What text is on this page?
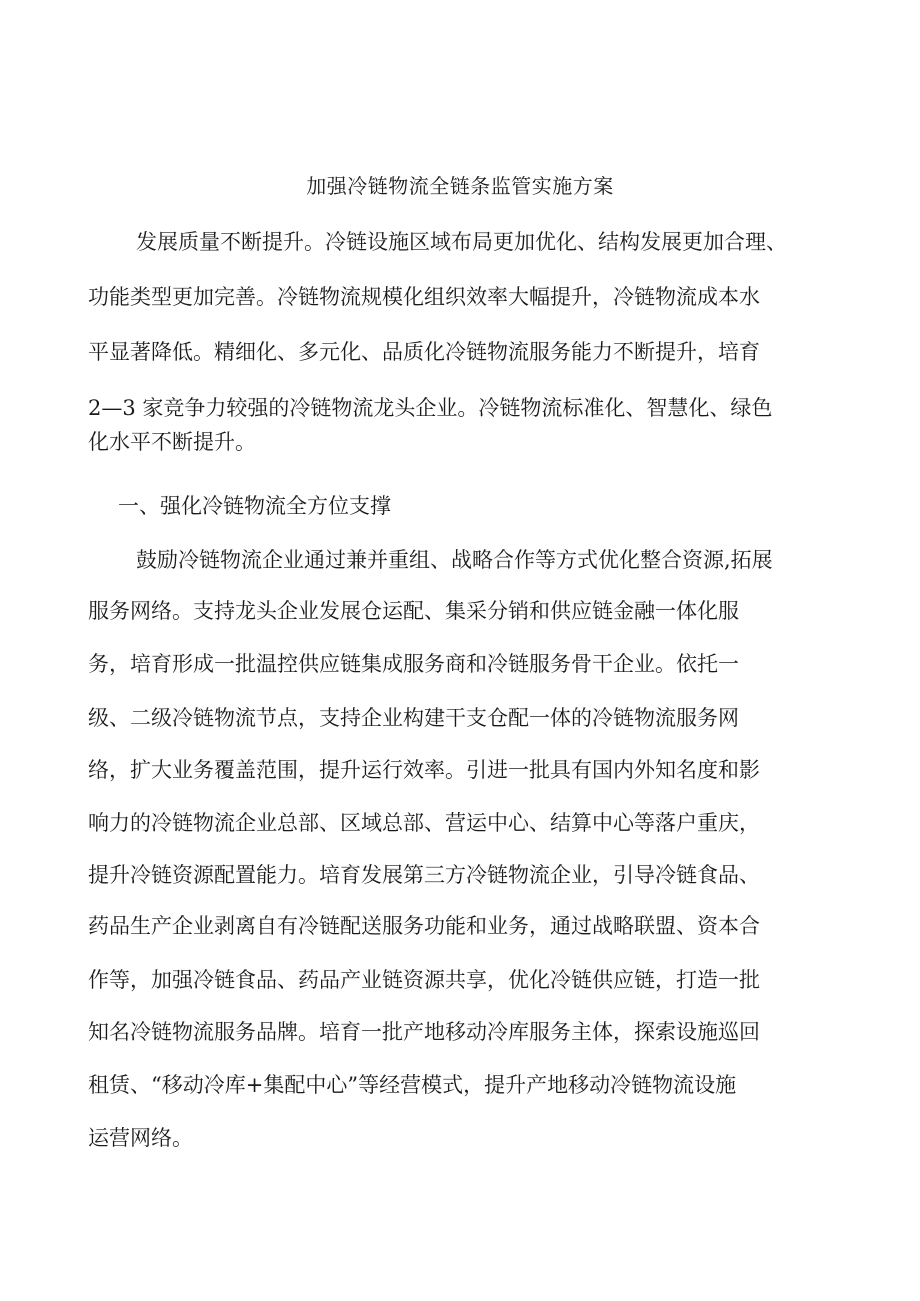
加强冷链物流全链条监管实施方案
发展质量不断提升。冷链设施区域布局更加优化、结构发展更加合理、
功能类型更加完善。冷链物流规模化组织效率大幅提升，冷链物流成本水
平显著降低。精细化、多元化、品质化冷链物流服务能力不断提升，培育
2—3 家竞争力较强的冷链物流龙头企业。冷链物流标准化、智慧化、绿色
化水平不断提升。
一、强化冷链物流全方位支撑
鼓励冷链物流企业通过兼并重组、战略合作等方式优化整合资源,拓展
服务网络。支持龙头企业发展仓运配、集采分销和供应链金融一体化服
务，培育形成一批温控供应链集成服务商和冷链服务骨干企业。依托一
级、二级冷链物流节点，支持企业构建干支仓配一体的冷链物流服务网
络，扩大业务覆盖范围，提升运行效率。引进一批具有国内外知名度和影
响力的冷链物流企业总部、区域总部、营运中心、结算中心等落户重庆，
提升冷链资源配置能力。培育发展第三方冷链物流企业，引导冷链食品、
药品生产企业剥离自有冷链配送服务功能和业务，通过战略联盟、资本合
作等，加强冷链食品、药品产业链资源共享，优化冷链供应链，打造一批
知名冷链物流服务品牌。培育一批产地移动冷库服务主体，探索设施巡回
租赁、“移动冷库+集配中心”等经营模式，提升产地移动冷链物流设施
运营网络。
